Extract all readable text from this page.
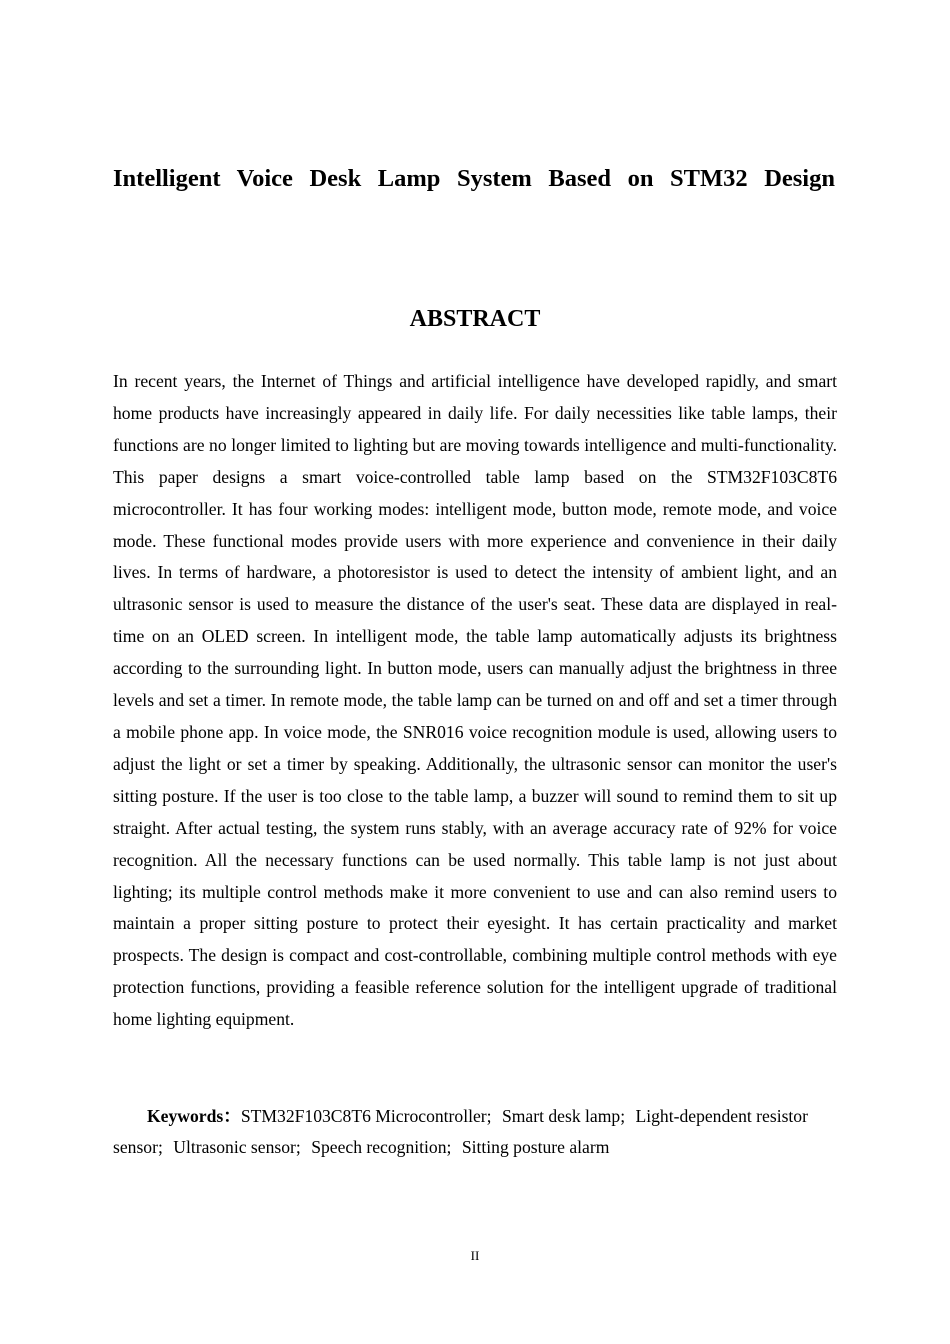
Intelligent Voice Desk Lamp System Based on STM32 Design
ABSTRACT

In recent years, the Internet of Things and artificial intelligence have developed rapidly, and smart home products have increasingly appeared in daily life. For daily necessities like table lamps, their functions are no longer limited to lighting but are moving towards intelligence and multi-functionality. This paper designs a smart voice-controlled table lamp based on the STM32F103C8T6 microcontroller. It has four working modes: intelligent mode, button mode, remote mode, and voice mode. These functional modes provide users with more experience and convenience in their daily lives. In terms of hardware, a photoresistor is used to detect the intensity of ambient light, and an ultrasonic sensor is used to measure the distance of the user's seat. These data are displayed in real-time on an OLED screen. In intelligent mode, the table lamp automatically adjusts its brightness according to the surrounding light. In button mode, users can manually adjust the brightness in three levels and set a timer. In remote mode, the table lamp can be turned on and off and set a timer through a mobile phone app. In voice mode, the SNR016 voice recognition module is used, allowing users to adjust the light or set a timer by speaking. Additionally, the ultrasonic sensor can monitor the user's sitting posture. If the user is too close to the table lamp, a buzzer will sound to remind them to sit up straight. After actual testing, the system runs stably, with an average accuracy rate of 92% for voice recognition. All the necessary functions can be used normally. This table lamp is not just about lighting; its multiple control methods make it more convenient to use and can also remind users to maintain a proper sitting posture to protect their eyesight. It has certain practicality and market prospects. The design is compact and cost-controllable, combining multiple control methods with eye protection functions, providing a feasible reference solution for the intelligent upgrade of traditional home lighting equipment.

Keywords：STM32F103C8T6 Microcontroller; Smart desk lamp; Light-dependent resistor sensor; Ultrasonic sensor; Speech recognition; Sitting posture alarm

II
